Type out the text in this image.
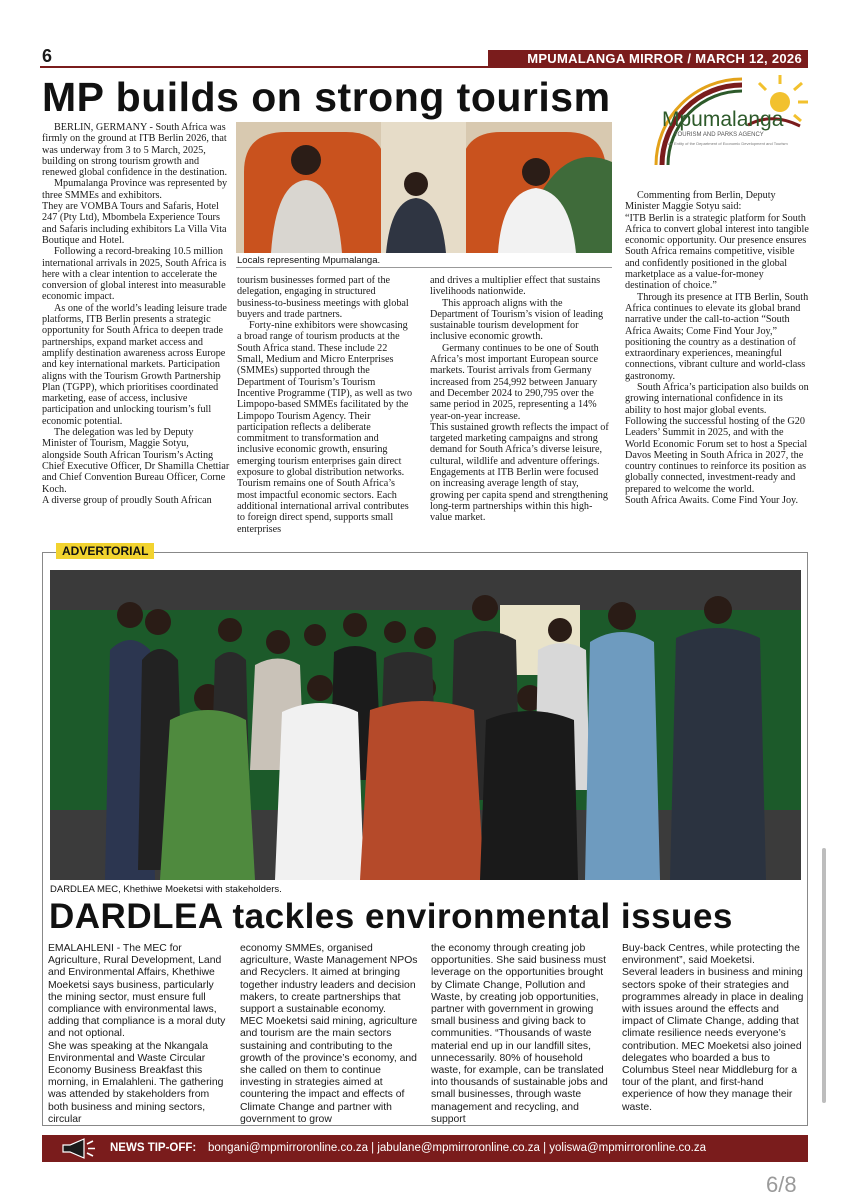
6	MPUMALANGA MIRROR / MARCH 12, 2026
MP builds on strong tourism Mpumalanga
TOURISM AND PARKS AGENCY
An Entity of the Department of Economic Development and Tourism

BERLIN, GERMANY - South Africa was firmly on the ground at ITB Berlin 2026, that was underway from 3 to 5 March, 2025, building on strong tourism growth and renewed global confidence in the destination.

Mpumalanga Province was represented by three SMMEs and exhibitors.

They are VOMBA Tours and Safaris, Hotel 247 (Pty Ltd), Mbombela Experience Tours and Safaris including exhibitors La Villa Vita Boutique and Hotel.

Following a record-breaking 10.5 million international arrivals in 2025, South Africa is here with a clear intention to accelerate the conversion of global interest into measurable economic impact.

As one of the world’s leading leisure trade platforms, ITB Berlin presents a strategic opportunity for South Africa to deepen trade partnerships, expand market access and amplify destination awareness across Europe and key international markets. Participation aligns with the Tourism Growth Partnership Plan (TGPP), which prioritises coordinated marketing, ease of access, inclusive participation and unlocking tourism’s full economic potential.

The delegation was led by Deputy Minister of Tourism, Maggie Sotyu, alongside South African Tourism’s Acting Chief Executive Officer, Dr Shamilla Chettiar and Chief Convention Bureau Officer, Corne Koch.

A diverse group of proudly South African

Locals representing Mpumalanga.

tourism businesses formed part of the delegation, engaging in structured business-to-business meetings with global buyers and trade partners.

Forty-nine exhibitors were showcasing a broad range of tourism products at the South Africa stand. These include 22 Small, Medium and Micro Enterprises (SMMEs) supported through the Department of Tourism’s Tourism Incentive Programme (TIP), as well as two Limpopo-based SMMEs facilitated by the Limpopo Tourism Agency. Their participation reflects a deliberate commitment to transformation and inclusive economic growth, ensuring emerging tourism enterprises gain direct exposure to global distribution networks.

Tourism remains one of South Africa’s most impactful economic sectors. Each additional international arrival contributes to foreign direct spend, supports small enterprises

and drives a multiplier effect that sustains livelihoods nationwide.

This approach aligns with the Department of Tourism’s vision of leading sustainable tourism development for inclusive economic growth.

Germany continues to be one of South Africa’s most important European source markets. Tourist arrivals from Germany increased from 254,992 between January and December 2024 to 290,795 over the same period in 2025, representing a 14% year-on-year increase.

This sustained growth reflects the impact of targeted marketing campaigns and strong demand for South Africa’s diverse leisure, cultural, wildlife and adventure offerings.

Engagements at ITB Berlin were focused on increasing average length of stay, growing per capita spend and strengthening long-term partnerships within this high-value market.

Commenting from Berlin, Deputy Minister Maggie Sotyu said:

“ITB Berlin is a strategic platform for South Africa to convert global interest into tangible economic opportunity. Our presence ensures South Africa remains competitive, visible and confidently positioned in the global marketplace as a value-for-money destination of choice.”

Through its presence at ITB Berlin, South Africa continues to elevate its global brand narrative under the call-to-action “South Africa Awaits; Come Find Your Joy,” positioning the country as a destination of extraordinary experiences, meaningful connections, vibrant culture and world-class gastronomy.

South Africa’s participation also builds on growing international confidence in its ability to host major global events.

Following the successful hosting of the G20 Leaders’ Summit in 2025, and with the World Economic Forum set to host a Special Davos Meeting in South Africa in 2027, the country continues to reinforce its position as globally connected, investment-ready and prepared to welcome the world.

South Africa Awaits. Come Find Your Joy.

ADVERTORIAL
DARDLEA MEC, Khethiwe Moeketsi with stakeholders.
DARDLEA tackles environmental issues

EMALAHLENI - The MEC for Agriculture, Rural Development, Land and Environmental Affairs, Khethiwe Moeketsi says business, particularly the mining sector, must ensure full compliance with environmental laws, adding that compliance is a moral duty and not optional.

She was speaking at the Nkangala Environmental and Waste Circular Economy Business Breakfast this morning, in Emalahleni. The gathering was attended by stakeholders from both business and mining sectors, circular

economy SMMEs, organised agriculture, Waste Management NPOs and Recyclers. It aimed at bringing together industry leaders and decision makers, to create partnerships that support a sustainable economy.

MEC Moeketsi said mining, agriculture and tourism are the main sectors sustaining and contributing to the growth of the province’s economy, and she called on them to continue investing in strategies aimed at countering the impact and effects of Climate Change and partner with government to grow

the economy through creating job opportunities. She said business must leverage on the opportunities brought by Climate Change, Pollution and Waste, by creating job opportunities, partner with government in growing small business and giving back to communities. “Thousands of waste material end up in our landfill sites, unnecessarily. 80% of household waste, for example, can be translated into thousands of sustainable jobs and small businesses, through waste management and recycling, and support

Buy-back Centres, while protecting the environment”, said Moeketsi.

Several leaders in business and mining sectors spoke of their strategies and programmes already in place in dealing with issues around the effects and impact of Climate Change, adding that climate resilience needs everyone’s contribution. MEC Moeketsi also joined delegates who boarded a bus to Columbus Steel near Middleburg for a tour of the plant, and first-hand experience of how they manage their waste.

NEWS TIP-OFF: bongani@mpmirroronline.co.za | jabulane@mpmirroronline.co.za | yoliswa@mpmirroronline.co.za
6/8
